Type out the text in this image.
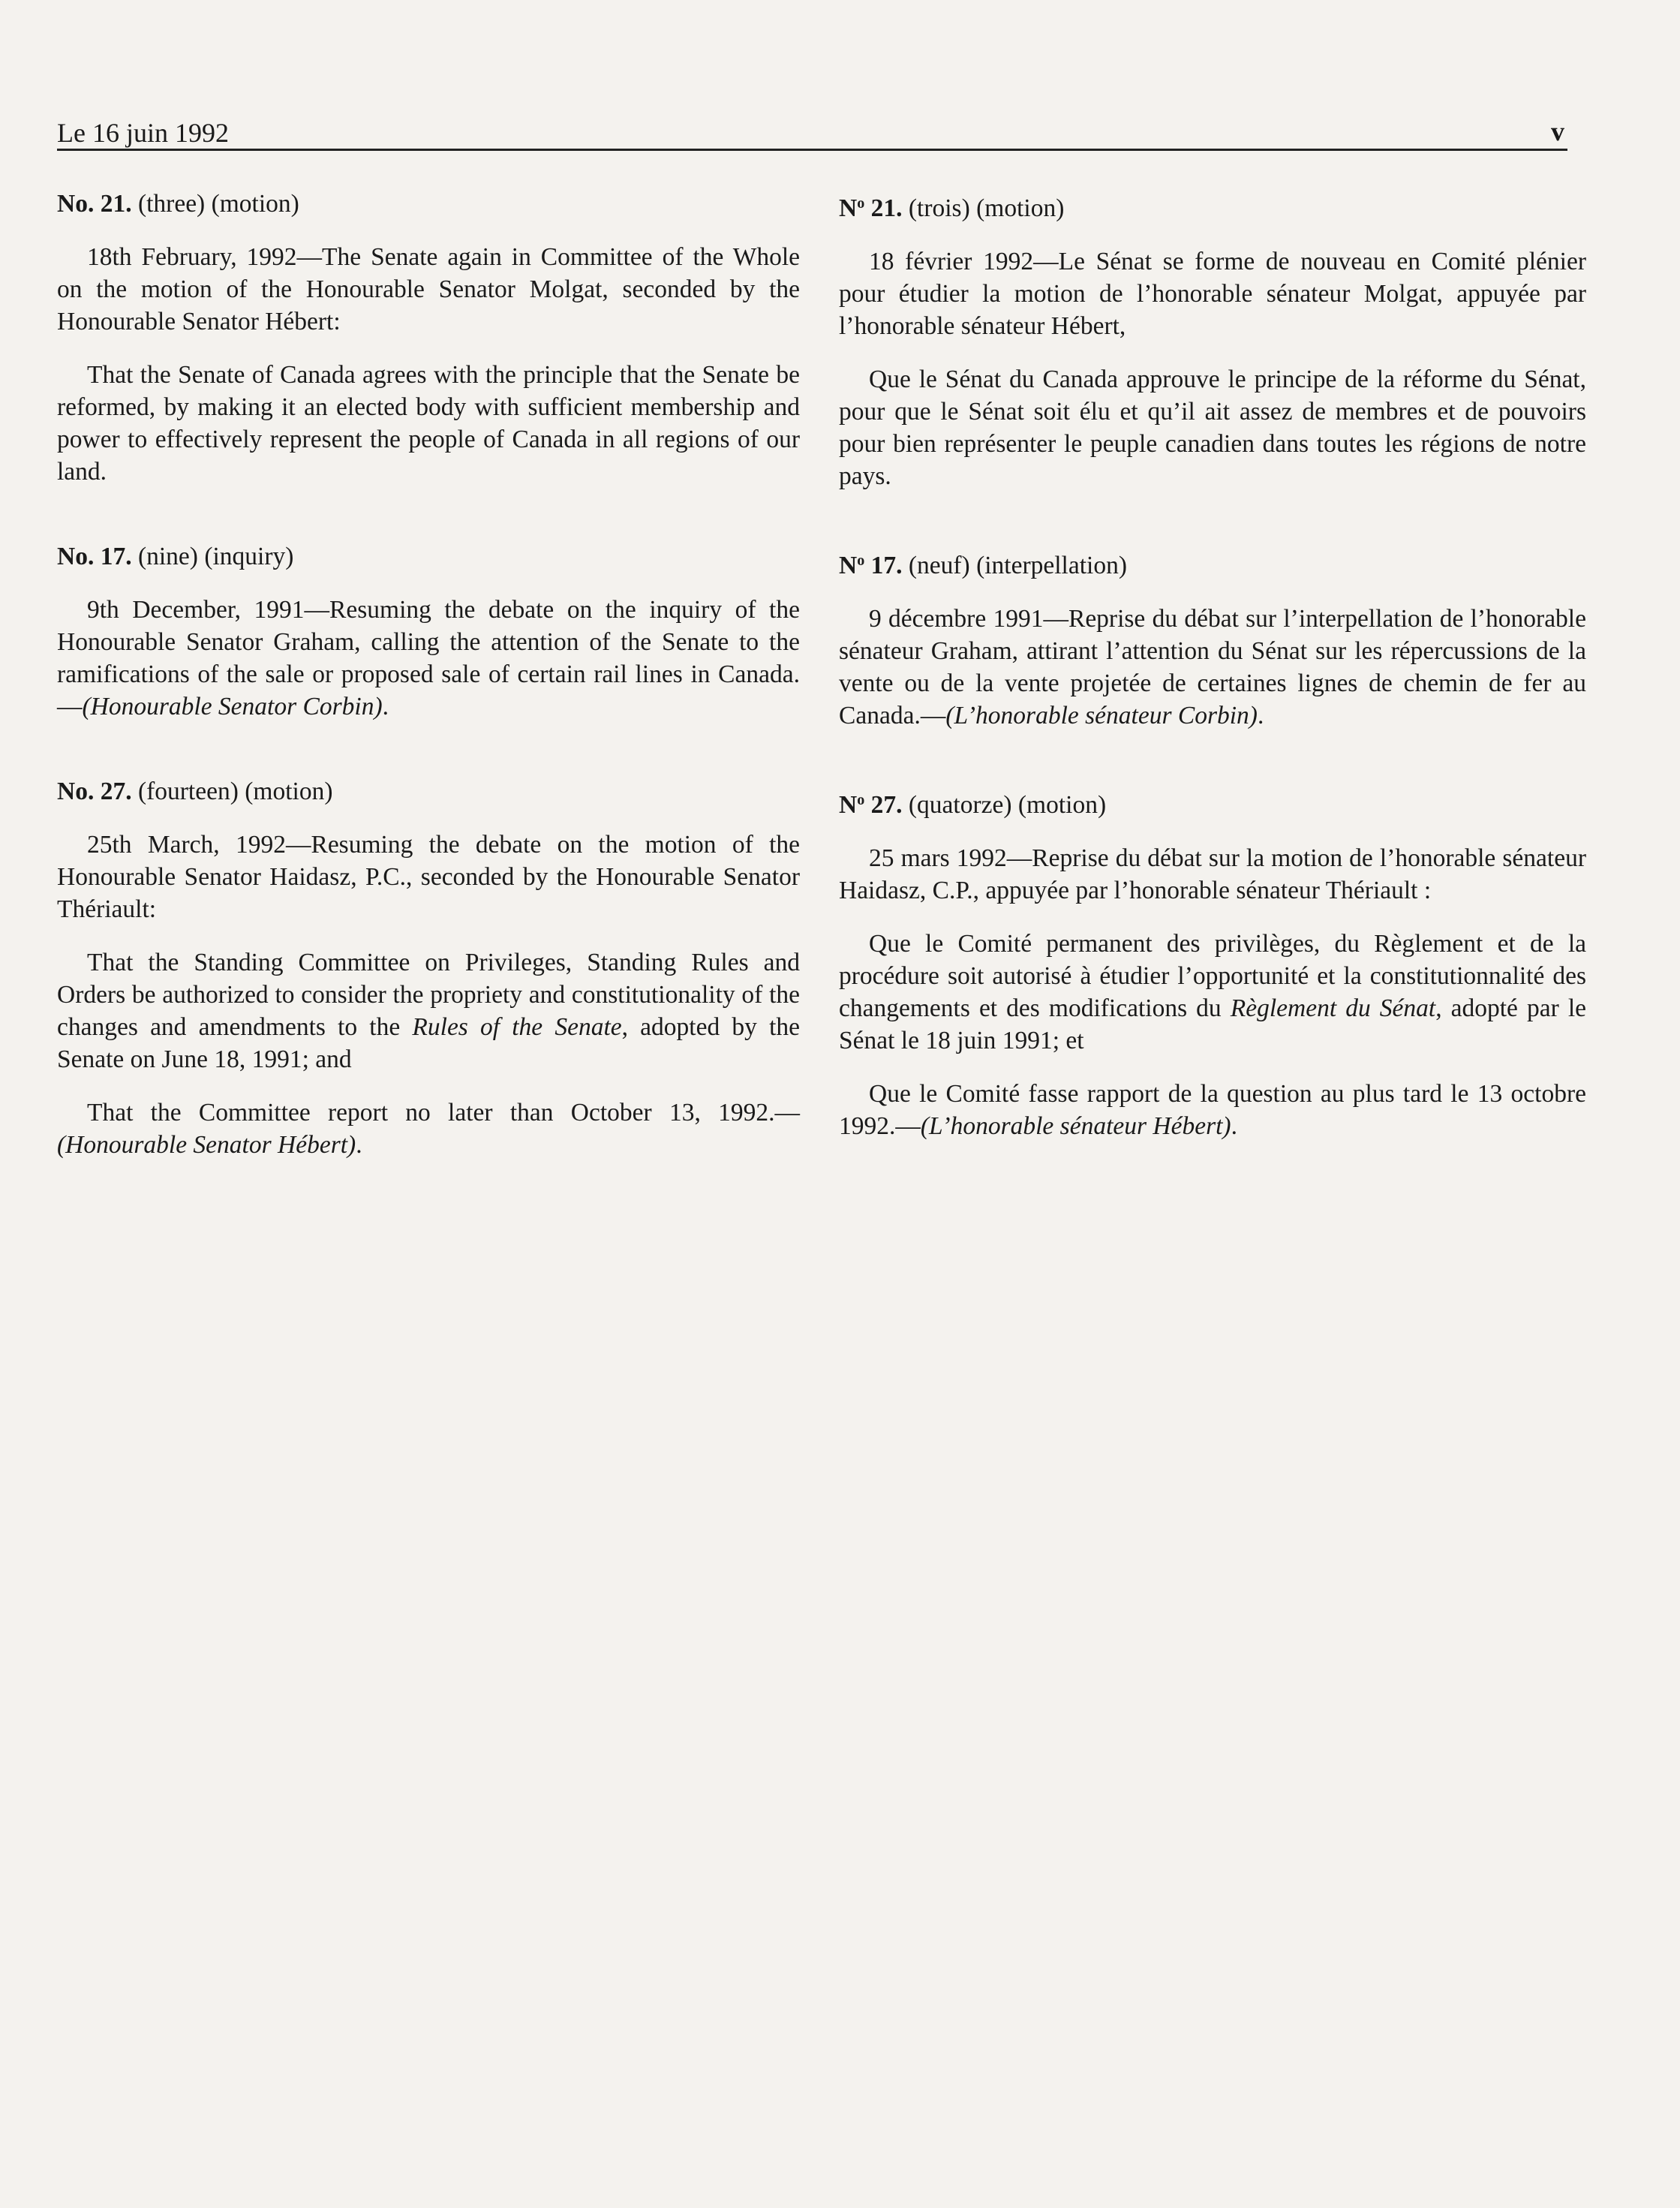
Le 16 juin 1992	v

No. 21. (three) (motion)

18th February, 1992—The Senate again in Committee of the Whole on the motion of the Honourable Senator Molgat, seconded by the Honourable Senator Hébert:

That the Senate of Canada agrees with the principle that the Senate be reformed, by making it an elected body with sufficient membership and power to effectively represent the people of Canada in all regions of our land.

No. 17. (nine) (inquiry)

9th December, 1991—Resuming the debate on the inquiry of the Honourable Senator Graham, calling the attention of the Senate to the ramifications of the sale or proposed sale of certain rail lines in Canada.—(Honourable Senator Corbin).

No. 27. (fourteen) (motion)

25th March, 1992—Resuming the debate on the motion of the Honourable Senator Haidasz, P.C., seconded by the Honourable Senator Thériault:

That the Standing Committee on Privileges, Standing Rules and Orders be authorized to consider the propriety and constitutionality of the changes and amendments to the Rules of the Senate, adopted by the Senate on June 18, 1991; and

That the Committee report no later than October 13, 1992.—(Honourable Senator Hébert).

$N^o$ 21. (trois) (motion)

18 février 1992—Le Sénat se forme de nouveau en Comité plénier pour étudier la motion de l’honorable sénateur Molgat, appuyée par l’honorable sénateur Hébert,

Que le Sénat du Canada approuve le principe de la réforme du Sénat, pour que le Sénat soit élu et qu’il ait assez de membres et de pouvoirs pour bien représenter le peuple canadien dans toutes les régions de notre pays.

$N^o$ 17. (neuf) (interpellation)

9 décembre 1991—Reprise du débat sur l’interpellation de l’honorable sénateur Graham, attirant l’attention du Sénat sur les répercussions de la vente ou de la vente projetée de certaines lignes de chemin de fer au Canada.—(L’honorable sénateur Corbin).

$N^o$ 27. (quatorze) (motion)

25 mars 1992—Reprise du débat sur la motion de l’honorable sénateur Haidasz, C.P., appuyée par l’honorable sénateur Thériault :

Que le Comité permanent des privilèges, du Règlement et de la procédure soit autorisé à étudier l’opportunité et la constitutionnalité des changements et des modifications du Règlement du Sénat, adopté par le Sénat le 18 juin 1991; et

Que le Comité fasse rapport de la question au plus tard le 13 octobre 1992.—(L’honorable sénateur Hébert).
